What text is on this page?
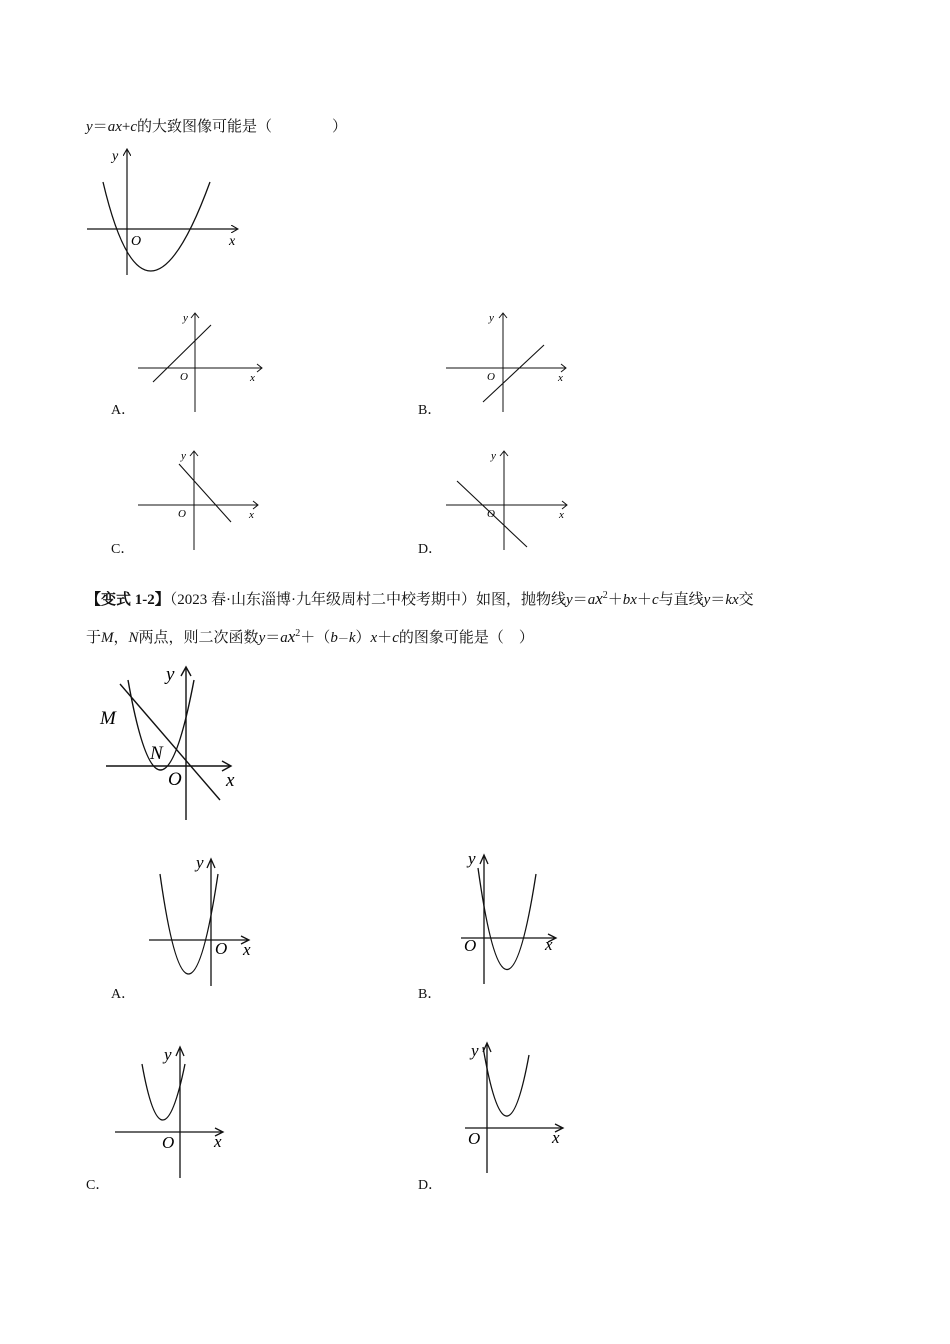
y＝ax+c的大致图像可能是（　　　　）
y
x
O
y
x
O
A．
y
x
O
B．
y
x
O
C．
y
x
O
D．
【变式 1-2】（2023 春·山东淄博·九年级周村二中校考期中）如图，抛物线$y=ax^2+bx+c$与直线y＝kx交
于M，N两点，则二次函数$y=ax^2+(b-k)x+c$的图象可能是（　）
y
x
O
M
N
y
x
O
A．
y
x
O
B．
y
x
O
C．
y
x
O
D．
